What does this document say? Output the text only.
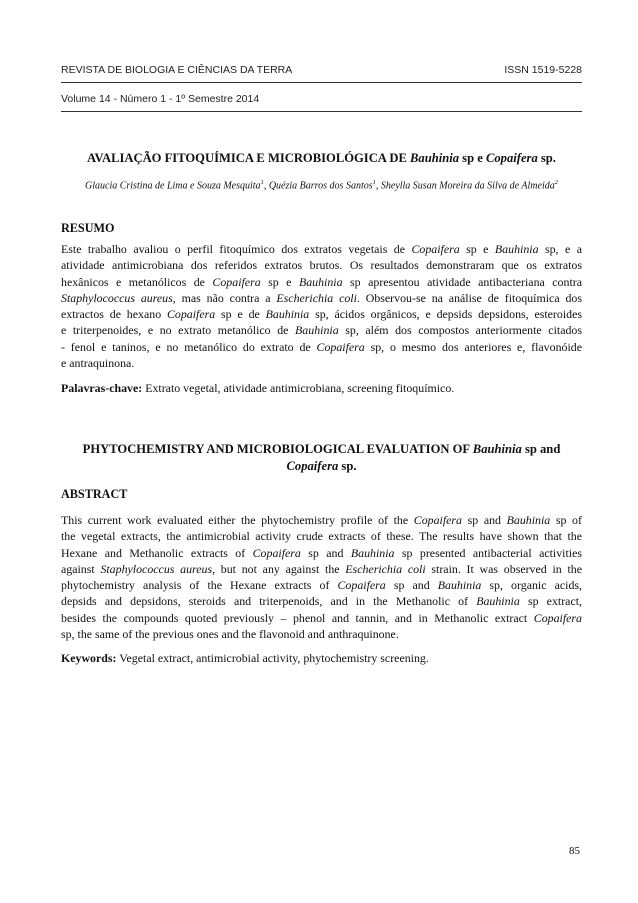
REVISTA DE BIOLOGIA E CIÊNCIAS DA TERRA	ISSN 1519-5228
Volume 14 - Número 1 - 1º Semestre 2014
AVALIAÇÃO FITOQUÍMICA E MICROBIOLÓGICA DE Bauhinia sp e Copaifera sp.
Glaucia Cristina de Lima e Souza Mesquita$^1$, Quézia Barros dos Santos$^1$, Sheylla Susan Moreira da Silva de Almeida$^2$
RESUMO
Este trabalho avaliou o perfil fitoquímico dos extratos vegetais de Copaifera sp e Bauhinia sp, e a
atividade antimicrobiana dos referidos extratos brutos. Os resultados demonstraram que os extratos
hexânicos e metanólicos de Copaifera sp e Bauhinia sp apresentou atividade antibacteriana contra
Staphylococcus aureus, mas não contra a Escherichia coli. Observou-se na análise de fitoquímica dos
extractos de hexano Copaifera sp e de Bauhinia sp, ácidos orgânicos, e depsids depsidons, esteroides
e triterpenoides, e no extrato metanólico de Bauhinia sp, além dos compostos anteriormente citados
- fenol e taninos, e no metanólico do extrato de Copaifera sp, o mesmo dos anteriores e, flavonóide
e antraquinona.
Palavras-chave: Extrato vegetal, atividade antimicrobiana, screening fitoquímico.
PHYTOCHEMISTRY AND MICROBIOLOGICAL EVALUATION OF Bauhinia sp and
Copaifera sp.
ABSTRACT
This current work evaluated either the phytochemistry profile of the Copaifera sp and Bauhinia sp of
the vegetal extracts, the antimicrobial activity crude extracts of these. The results have shown that the
Hexane and Methanolic extracts of Copaifera sp and Bauhinia sp presented antibacterial activities
against Staphylococcus aureus, but not any against the Escherichia coli strain. It was observed in the
phytochemistry analysis of the Hexane extracts of Copaifera sp and Bauhinia sp, organic acids,
depsids and depsidons, steroids and triterpenoids, and in the Methanolic of Bauhinia sp extract,
besides the compounds quoted previously – phenol and tannin, and in Methanolic extract Copaifera
sp, the same of the previous ones and the flavonoid and anthraquinone.
Keywords: Vegetal extract, antimicrobial activity, phytochemistry screening.
85
